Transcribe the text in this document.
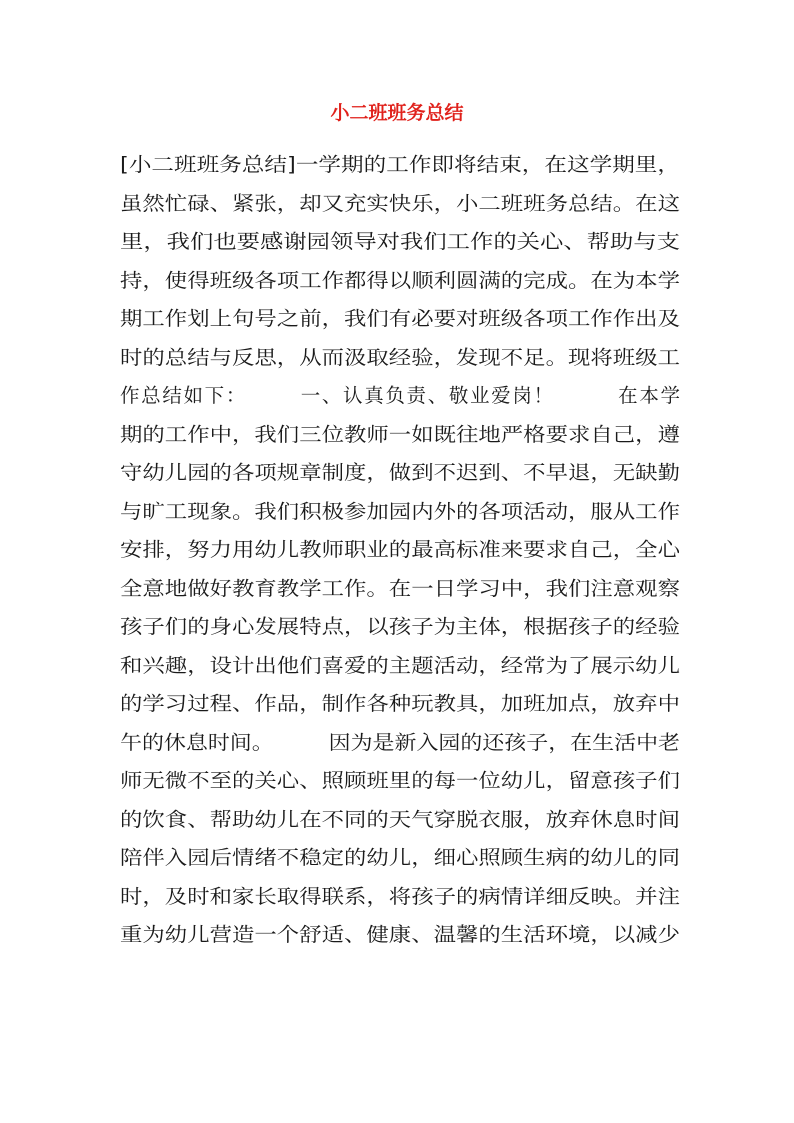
小二班班务总结
[小二班班务总结]一学期的工作即将结束，在这学期里，
虽然忙碌、紧张，却又充实快乐，小二班班务总结。在这
里，我们也要感谢园领导对我们工作的关心、帮助与支
持，使得班级各项工作都得以顺利圆满的完成。在为本学
期工作划上句号之前，我们有必要对班级各项工作作出及
时的总结与反思，从而汲取经验，发现不足。现将班级工
作总结如下：　　　一、认真负责、敬业爱岗！　　　在本学
期的工作中，我们三位教师一如既往地严格要求自己，遵
守幼儿园的各项规章制度，做到不迟到、不早退，无缺勤
与旷工现象。我们积极参加园内外的各项活动，服从工作
安排，努力用幼儿教师职业的最高标准来要求自己，全心
全意地做好教育教学工作。在一日学习中，我们注意观察
孩子们的身心发展特点，以孩子为主体，根据孩子的经验
和兴趣，设计出他们喜爱的主题活动，经常为了展示幼儿
的学习过程、作品，制作各种玩教具，加班加点，放弃中
午的休息时间。　　　因为是新入园的还孩子，在生活中老
师无微不至的关心、照顾班里的每一位幼儿，留意孩子们
的饮食、帮助幼儿在不同的天气穿脱衣服，放弃休息时间
陪伴入园后情绪不稳定的幼儿，细心照顾生病的幼儿的同
时，及时和家长取得联系，将孩子的病情详细反映。并注
重为幼儿营造一个舒适、健康、温馨的生活环境，以减少
